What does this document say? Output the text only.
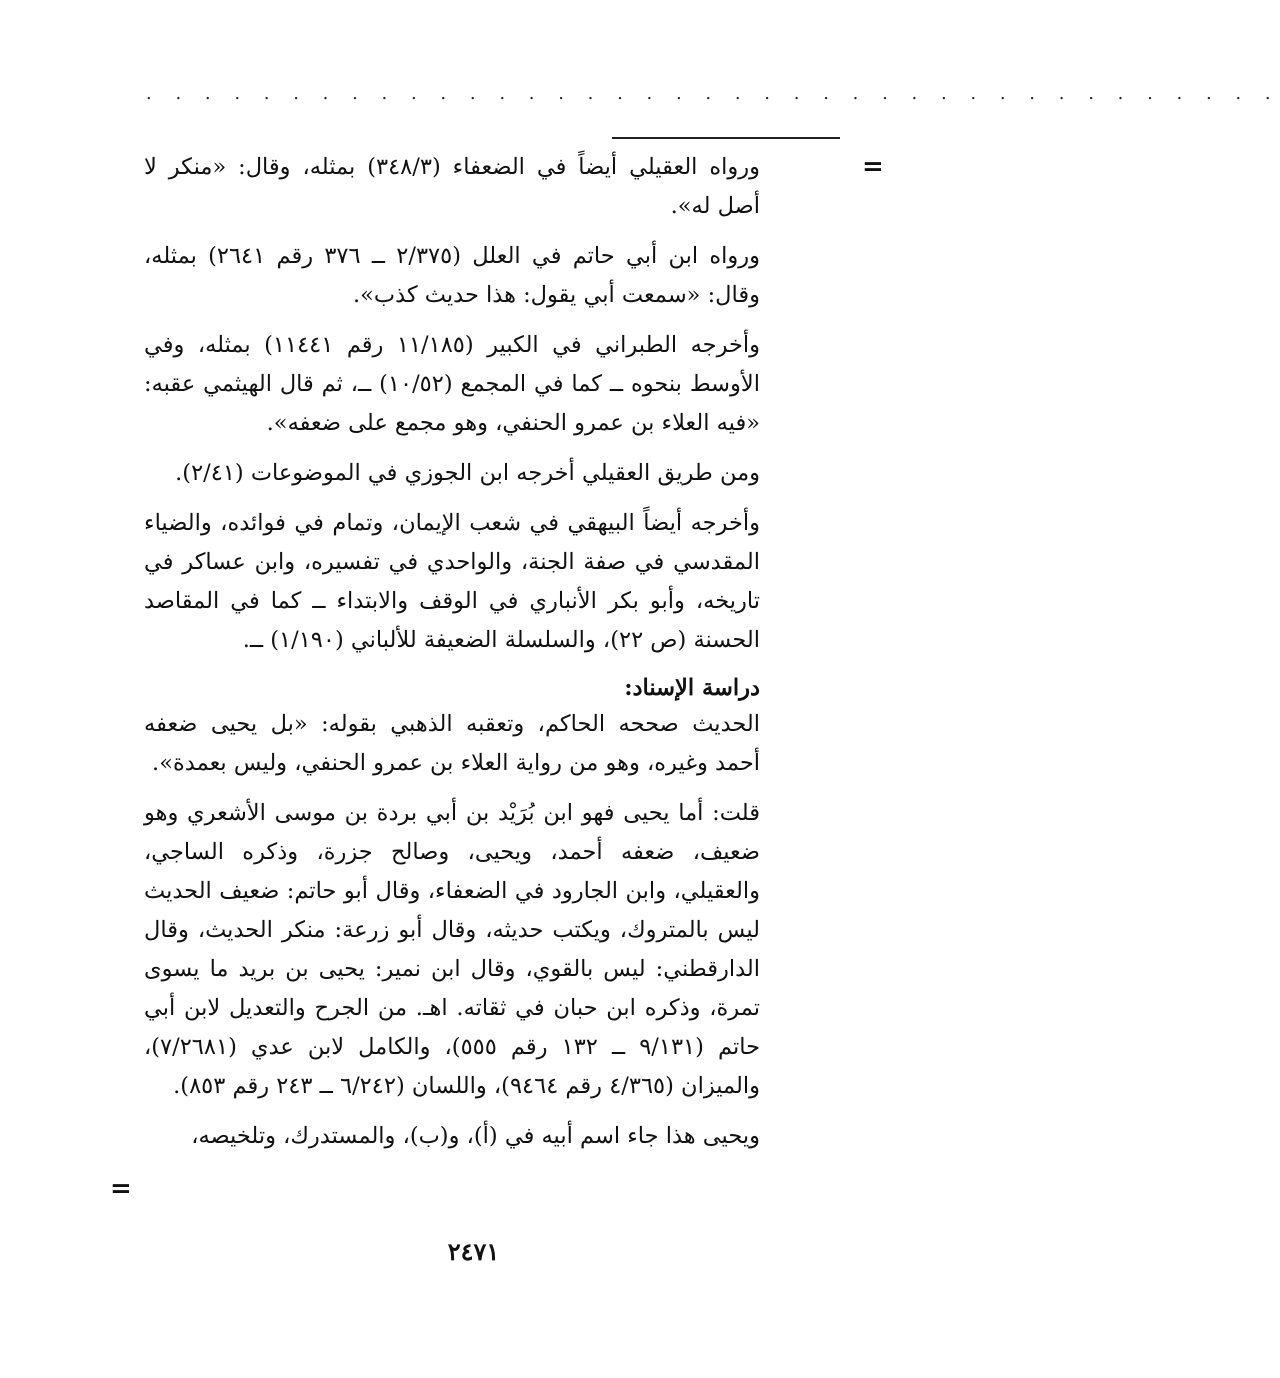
. . . . . . . . . . . . . . . . . . . . . . . . . . . . . . . . . . . . . . .
=

ورواه العقيلي أيضاً في الضعفاء (٣٤٨/٣) بمثله، وقال: «منكر لا أصل له».

ورواه ابن أبي حاتم في العلل (٢/٣٧٥ ــ ٣٧٦ رقم ٢٦٤١) بمثله، وقال: «سمعت أبي يقول: هذا حديث كذب».

وأخرجه الطبراني في الكبير (١١/١٨٥ رقم ١١٤٤١) بمثله، وفي الأوسط بنحوه ــ كما في المجمع (١٠/٥٢) ــ، ثم قال الهيثمي عقبه: «فيه العلاء بن عمرو الحنفي، وهو مجمع على ضعفه».

ومن طريق العقيلي أخرجه ابن الجوزي في الموضوعات (٢/٤١).

وأخرجه أيضاً البيهقي في شعب الإيمان، وتمام في فوائده، والضياء المقدسي في صفة الجنة، والواحدي في تفسيره، وابن عساكر في تاريخه، وأبو بكر الأنباري في الوقف والابتداء ــ كما في المقاصد الحسنة (ص ٢٢)، والسلسلة الضعيفة للألباني (١/١٩٠) ــ.

دراسة الإسناد:

الحديث صححه الحاكم، وتعقبه الذهبي بقوله: «بل يحيى ضعفه أحمد وغيره، وهو من رواية العلاء بن عمرو الحنفي، وليس بعمدة».

قلت: أما يحيى فهو ابن بُرَيْد بن أبي بردة بن موسى الأشعري وهو ضعيف، ضعفه أحمد، ويحيى، وصالح جزرة، وذكره الساجي، والعقيلي، وابن الجارود في الضعفاء، وقال أبو حاتم: ضعيف الحديث ليس بالمتروك، ويكتب حديثه، وقال أبو زرعة: منكر الحديث، وقال الدارقطني: ليس بالقوي، وقال ابن نمير: يحيى بن بريد ما يسوى تمرة، وذكره ابن حبان في ثقاته. اهـ. من الجرح والتعديل لابن أبي حاتم (٩/١٣١ ــ ١٣٢ رقم ٥٥٥)، والكامل لابن عدي (٧/٢٦٨١)، والميزان (٤/٣٦٥ رقم ٩٤٦٤)، واللسان (٦/٢٤٢ ــ ٢٤٣ رقم ٨٥٣).

ويحيى هذا جاء اسم أبيه في (أ)، و(ب)، والمستدرك، وتلخيصه،

=
٢٤٧١
